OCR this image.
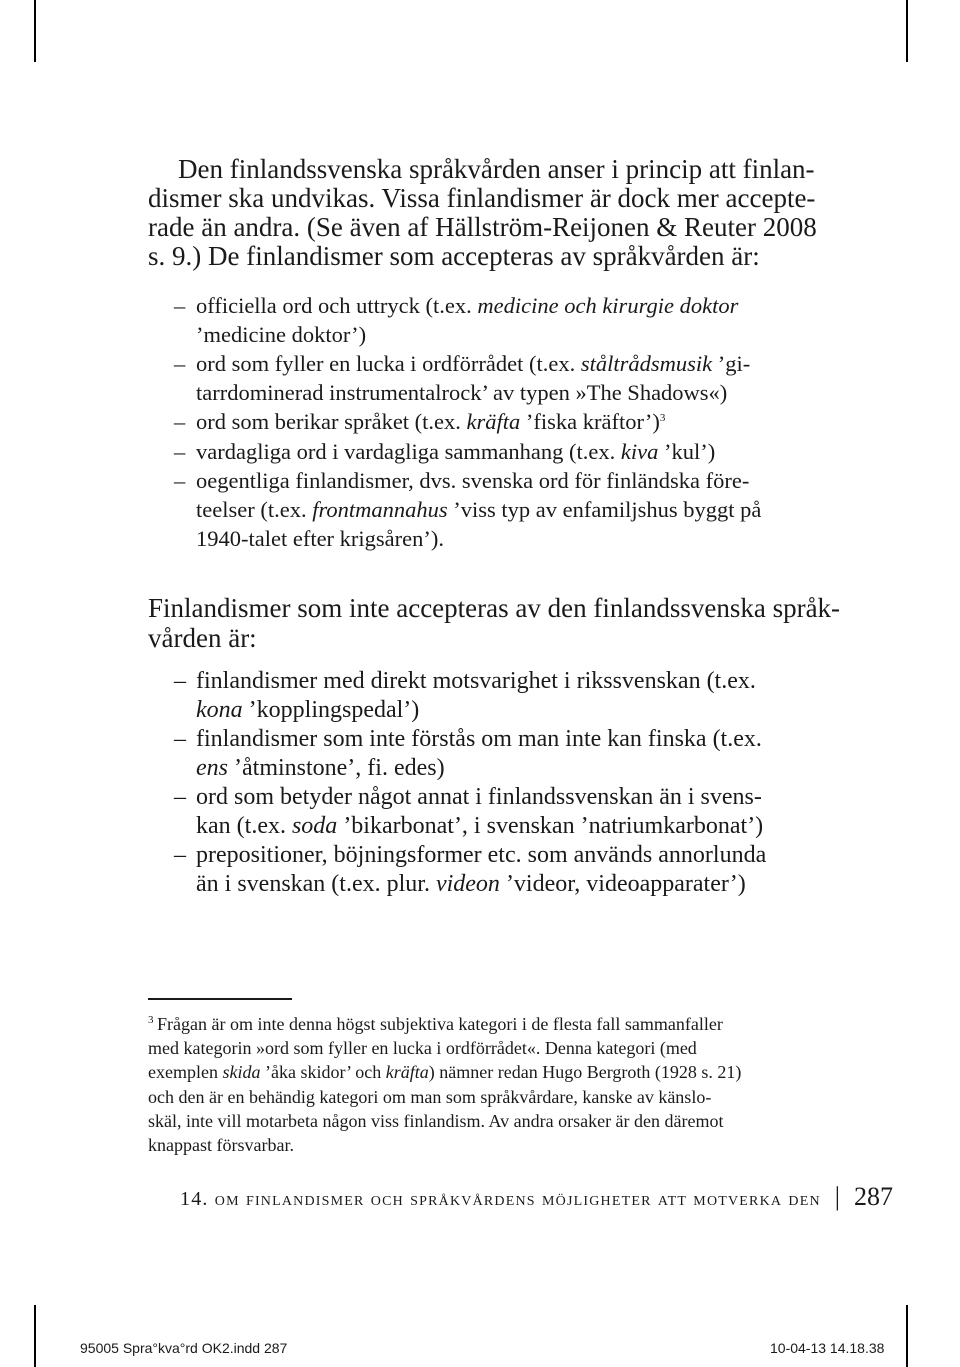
Den finlandssvenska språkvården anser i princip att finlan-
dismer ska undvikas. Vissa finlandismer är dock mer accepte-
rade än andra. (Se även af Hällström-Reijonen & Reuter 2008
s. 9.) De finlandismer som accepteras av språkvården är:
– officiella ord och uttryck (t.ex. medicine och kirurgie doktor
’medicine doktor’)
– ord som fyller en lucka i ordförrådet (t.ex. ståltrådsmusik ’gi-
tarrdominerad instrumentalrock’ av typen »The Shadows«)
– ord som berikar språket (t.ex. kräfta ’fiska kräftor’)$^3$
– vardagliga ord i vardagliga sammanhang (t.ex. kiva ’kul’)
– oegentliga finlandismer, dvs. svenska ord för finländska före-
teelser (t.ex. frontmannahus ’viss typ av enfamiljshus byggt på
1940-talet efter krigsåren’).
Finlandismer som inte accepteras av den finlandssvenska språk-
vården är:
– finlandismer med direkt motsvarighet i rikssvenskan (t.ex.
kona ’kopplingspedal’)
– finlandismer som inte förstås om man inte kan finska (t.ex.
ens ’åtminstone’, fi. edes)
– ord som betyder något annat i finlandssvenskan än i svens-
kan (t.ex. soda ’bikarbonat’, i svenskan ’natriumkarbonat’)
– prepositioner, böjningsformer etc. som används annorlunda
än i svenskan (t.ex. plur. videon ’videor, videoapparater’)
3 Frågan är om inte denna högst subjektiva kategori i de flesta fall sammanfaller
med kategorin »ord som fyller en lucka i ordförrådet«. Denna kategori (med
exemplen skida ’åka skidor’ och kräfta) nämner redan Hugo Bergroth (1928 s. 21)
och den är en behändig kategori om man som språkvårdare, kanske av känslo-
skäl, inte vill motarbeta någon viss finlandism. Av andra orsaker är den däremot
knappast försvarbar.
14. om finlandismer och språkvårdens möjligheter att motverka den | 287
95005 Spra°kva°rd OK2.indd 287	10-04-13 14.18.38
